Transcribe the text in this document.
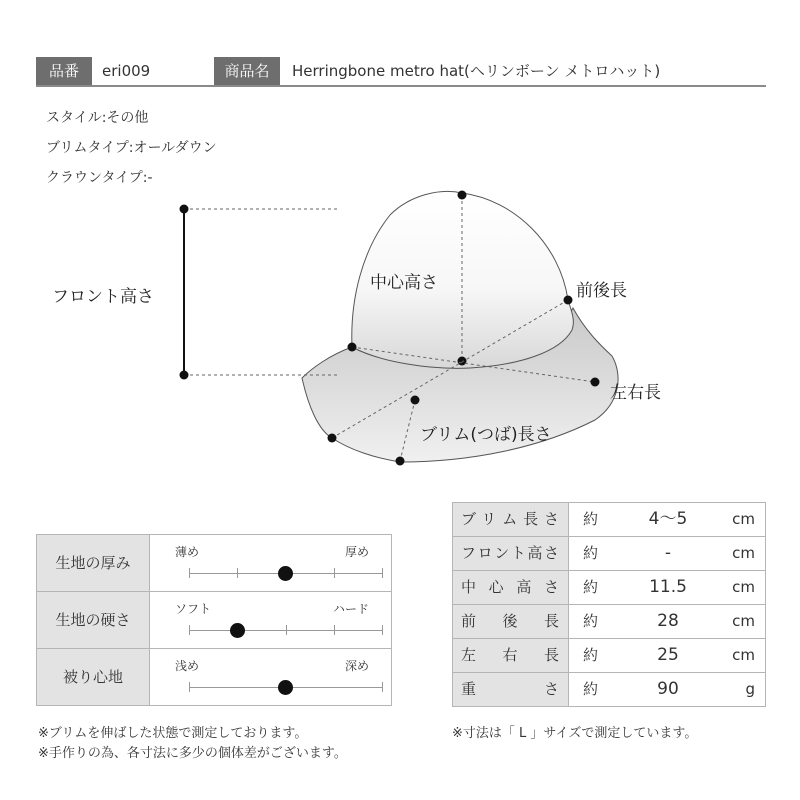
品番	eri009	商品名	Herringbone metro hat(ヘリンボーン メトロハット)
スタイル:その他
ブリムタイプ:オールダウン
クラウンタイプ:-
フロント高さ
中心高さ	前後長
左右長
ブリム(つば)長さ
生地の厚み
薄め	厚め
生地の硬さ
ソフト	ハード
被り心地
浅め	深め
ブリム長さ	約	4〜5	cm
フロント高さ	約	-	cm
中心高さ	約	11.5	cm
前後長	約	28	cm
左右長	約	25	cm
重さ	約	90	g
※ブリムを伸ばした状態で測定しております。
※手作りの為、各寸法に多少の個体差がございます。
※寸法は「 L 」サイズで測定しています。
